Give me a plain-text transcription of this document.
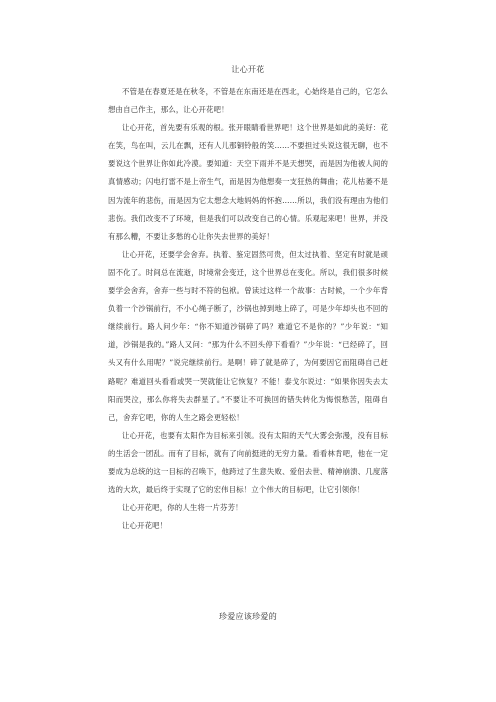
让心开花

不管是在春夏还是在秋冬，不管是在东南还是在西北，心始终是自己的，它怎么想由自己作主，那么，让心开花吧！

让心开花，首先要有乐观的根。张开眼睛看世界吧！这个世界是如此的美好：花在笑，鸟在叫，云儿在飘，还有人儿那铜铃般的笑……不要担过头说这很无聊，也不要说这个世界让你如此冷漠。要知道：天空下雨并不是天想哭，而是因为他被人间的真情感动；闪电打雷不是上帝生气，而是因为他想奏一支狂热的舞曲；花儿枯萎不是因为流年的悲伤，而是因为它太想念大地妈妈的怀抱……所以，我们没有理由为他们悲伤。我们改变不了环境，但是我们可以改变自己的心情。乐观起来吧！世界，并没有那么糟，不要让多愁的心让你失去世界的美好！

让心开花，还要学会舍弃。执着、鉴定固然可贵，但太过执着、坚定有时就是顽固不化了。时间总在流逝，时境常会变迁，这个世界总在变化。所以，我们很多时候要学会舍弃，舍弃一些与时不符的包袱。曾读过这样一个故事：古时候，一个少年背负着一个沙锅前行，不小心绳子断了，沙锅也掉到地上碎了，可是少年却头也不回的继续前行。路人问少年：“你不知道沙锅碎了吗？难道它不是你的？”少年说：“知道，沙锅是我的。”路人又问：“那为什么不回头停下看看？”少年说：“已经碎了，回头又有什么用呢？”说完继续前行。是啊！碎了就是碎了，为何要因它而阻碍自己赶路呢？难道回头看看或哭一哭就能让它恢复？不能！泰戈尔说过：“如果你因失去太阳而哭泣，那么你将失去群星了。”不要让不可换回的错失转化为悔恨愁苦，阻碍自己，舍弃它吧，你的人生之路会更轻松！

让心开花，也要有太阳作为目标来引领。没有太阳的天气大雾会弥漫，没有目标的生活会一团乱。而有了目标，就有了向前挺进的无穷力量。看看林肯吧，他在一定要成为总统的这一目标的召唤下，他跨过了生意失败、爱侣去世、精神崩溃、几度落选的大坎，最后终于实现了它的宏伟目标！立个伟大的目标吧，让它引领你！

让心开花吧，你的人生将一片芬芳！

让心开花吧！

珍爱应该珍爱的
